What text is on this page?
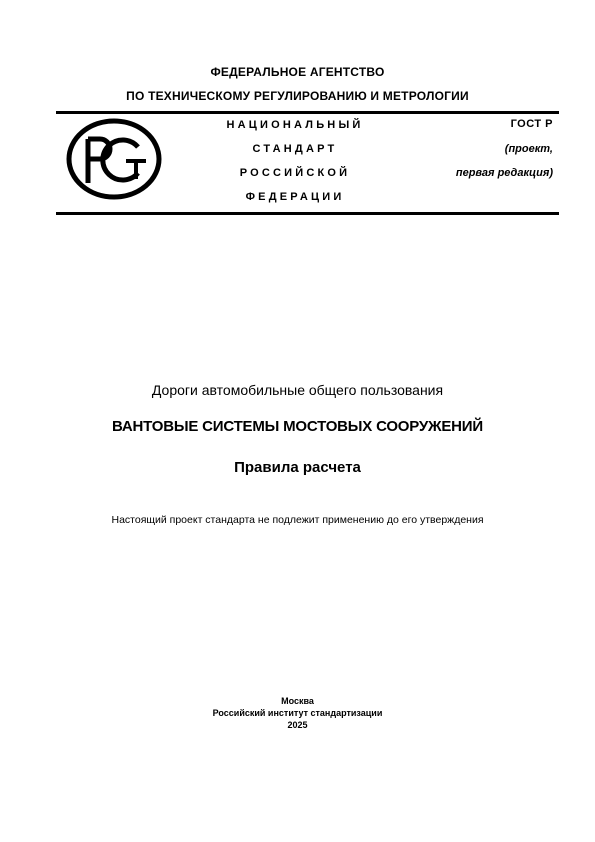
ФЕДЕРАЛЬНОЕ АГЕНТСТВО
ПО ТЕХНИЧЕСКОМУ РЕГУЛИРОВАНИЮ И МЕТРОЛОГИИ
НАЦИОНАЛЬНЫЙ
СТАНДАРТ
РОССИЙСКОЙ
ФЕДЕРАЦИИ
ГОСТ Р
(проект,
первая редакция)
Дороги автомобильные общего пользования
ВАНТОВЫЕ СИСТЕМЫ МОСТОВЫХ СООРУЖЕНИЙ
Правила расчета
Настоящий проект стандарта не подлежит применению до его утверждения
Москва
Российский институт стандартизации
2025
